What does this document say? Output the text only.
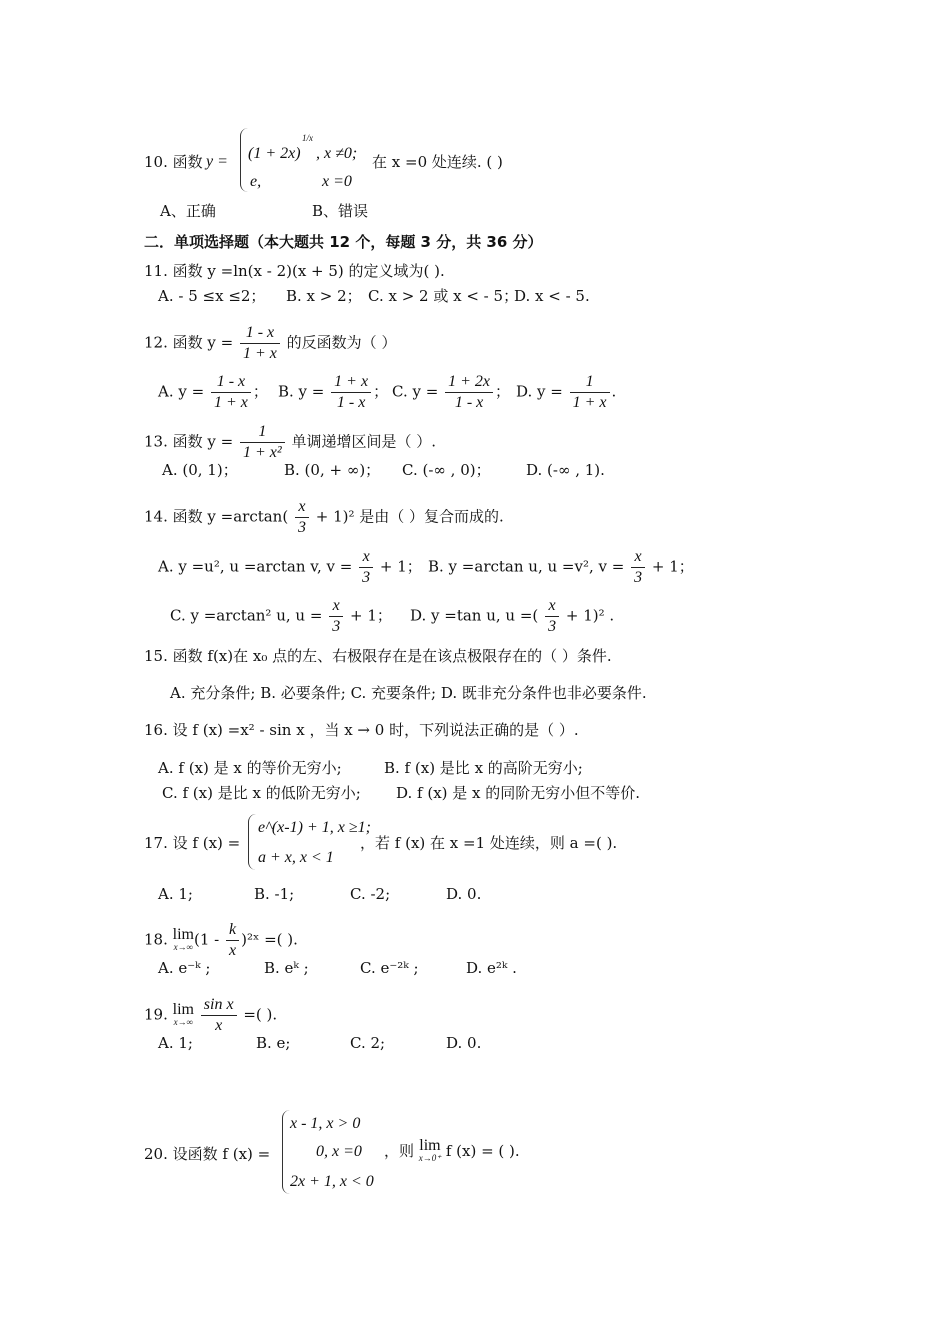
10. 函数 y = (1 + 2x)
1/x
, x ≠0;
e,	x =0
在 x =0 处连续. ( )
A、正确	B、错误
二．单项选择题（本大题共 12 个，每题 3 分，共 36 分）
11. 函数 y =ln(x - 2)(x + 5) 的定义域为( ).
A. - 5 ≤x ≤2； B. x > 2； C. x > 2 或 x < - 5；
D. x < - 5.
12. 函数 $y = \frac{1 - x}{1 + x}$ 的反函数为（ ）
A. $y = \frac{1 - x}{1 + x}$ ； B. $y = \frac{1 + x}{1 - x}$ ； C. $y = \frac{1 + 2x}{1 - x}$ ； D. $y = \frac{1}{1 + x}$ .
13. 函数 $y = \frac{1}{\text{1 + x²}}$ 单调递增区间是（ ）.
A. (0, 1)；	B. (0, + ∞)； C. (-∞ , 0)； D. (-∞ , 1).
14. 函数 $y =\arctan( \frac{x}{3} + 1)^2$ 是由（ ）复合而成的.
A. y =u², u =arctan v, $v = \frac{x}{3} + 1$； B. y =arctan u, u =v², $v = \frac{x}{3} + 1$；
C. y =arctan² u, $u = \frac{x}{3} + 1$； D. y =tan u, u =( $\frac{x}{3} + 1)^2$ .
15. 函数 f(x)在 x₀ 点的左、右极限存在是在该点极限存在的（ ）条件.
A. 充分条件; B. 必要条件; C. 充要条件; D. 既非充分条件也非必要条件.
16. 设 f (x) =x² - sin x ，当 x → 0 时，下列说法正确的是（ ）.
A. f (x) 是 x 的等价无穷小;	B. f (x) 是比 x 的高阶无穷小;
C. f (x) 是比 x 的低阶无穷小; D. f (x) 是 x 的同阶无穷小但不等价.
17. 设 f (x) =
e^(x-1) + 1, x ≥1;
a + x, x < 1
，若 f (x) 在 x =1 处连续，则 a =( ).
A. 1;	B. -1;	C. -2;	D. 0.
18. lim
x→∞ ($1 - \frac{k}{x}$ )²ˣ =( ).
A. e⁻ᵏ ;	B. eᵏ ;	C. e⁻²ᵏ ;	D. e²ᵏ .
19. lim
x→∞
$\frac{\text{sin x}}{x}$ =( ).
A. 1;	B. e;	C. 2;	D. 0.
20. 设函数 f (x) =
x - 1, x > 0
0, x =0
2x + 1, x < 0
，则 lim
x→0⁺ f (x) = ( ).
